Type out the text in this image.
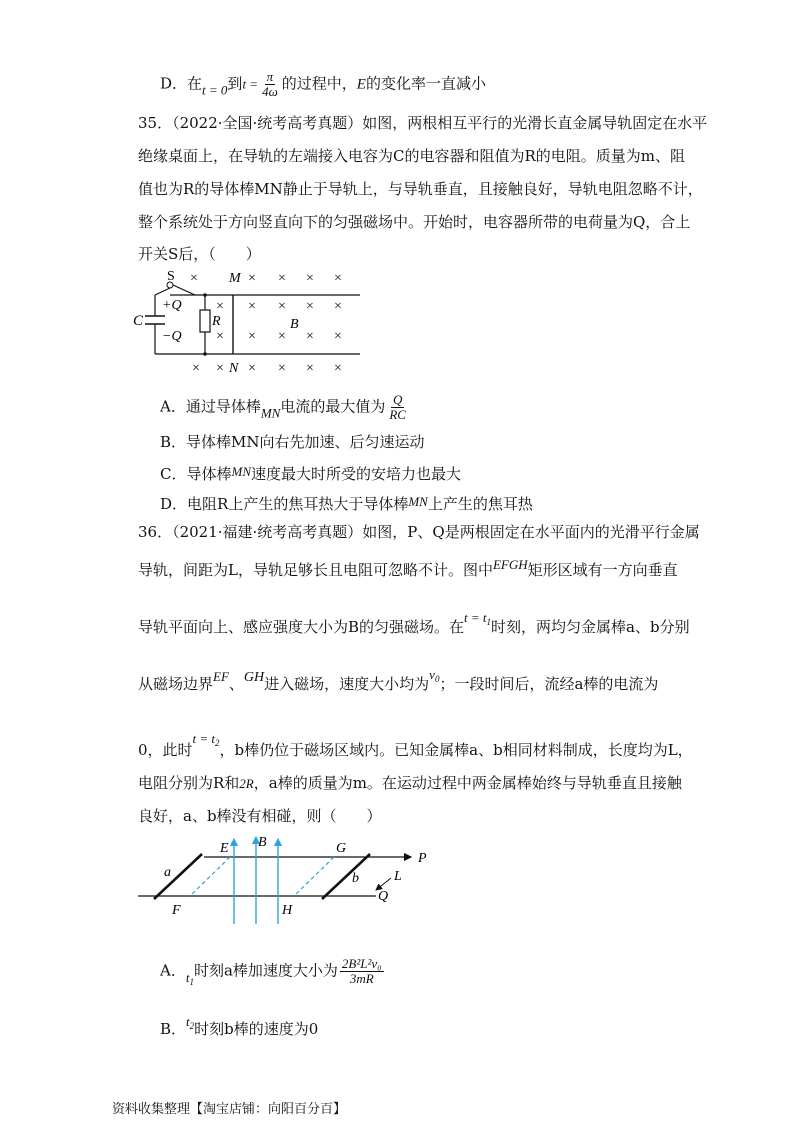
D．在t = 0到$t = \frac{\pi}{4\omega}$ 的过程中，E的变化率一直减小
35．（2022·全国·统考高考真题）如图，两根相互平行的光滑长直金属导轨固定在水平
绝缘桌面上，在导轨的左端接入电容为C的电容器和阻值为R的电阻。质量为m、阻
值也为R的导体棒MN静止于导轨上，与导轨垂直，且接触良好，导轨电阻忽略不计，
整个系统处于方向竖直向下的匀强磁场中。开始时，电容器所带的电荷量为Q，合上
开关S后，（　　）
S	M
N
+Q
−Q
C	R	B
×	× × × ×
× × × × ×
× × × × ×
× × × × × ×
A．通过导体棒MN电流的最大值为 $\frac{Q}{RC}$
B．导体棒MN向右先加速、后匀速运动
C．导体棒MN速度最大时所受的安培力也最大
D．电阻R上产生的焦耳热大于导体棒MN上产生的焦耳热
36．（2021·福建·统考高考真题）如图，P、Q是两根固定在水平面内的光滑平行金属
导轨，间距为L，导轨足够长且电阻可忽略不计。图中EFGH矩形区域有一方向垂直
导轨平面向上、感应强度大小为B的匀强磁场。在$t = t_1$时刻，两均匀金属棒a、b分别
从磁场边界EF、GH进入磁场，速度大小均为$v_0$；一段时间后，流经a棒的电流为
0，此时$t = t_2$，b棒仍位于磁场区域内。已知金属棒a、b相同材料制成，长度均为L，
电阻分别为R和2R，a棒的质量为m。在运动过程中两金属棒始终与导轨垂直且接触
良好，a、b棒没有相碰，则（　　）
E B	G
P
a	b	L
F	H
Q
A．$t_1$时刻a棒加速度大小为 $\frac{\text{2B²L²v₀}}{3mR}$
B．$t_2$时刻b棒的速度为0
资料收集整理【淘宝店铺：向阳百分百】
